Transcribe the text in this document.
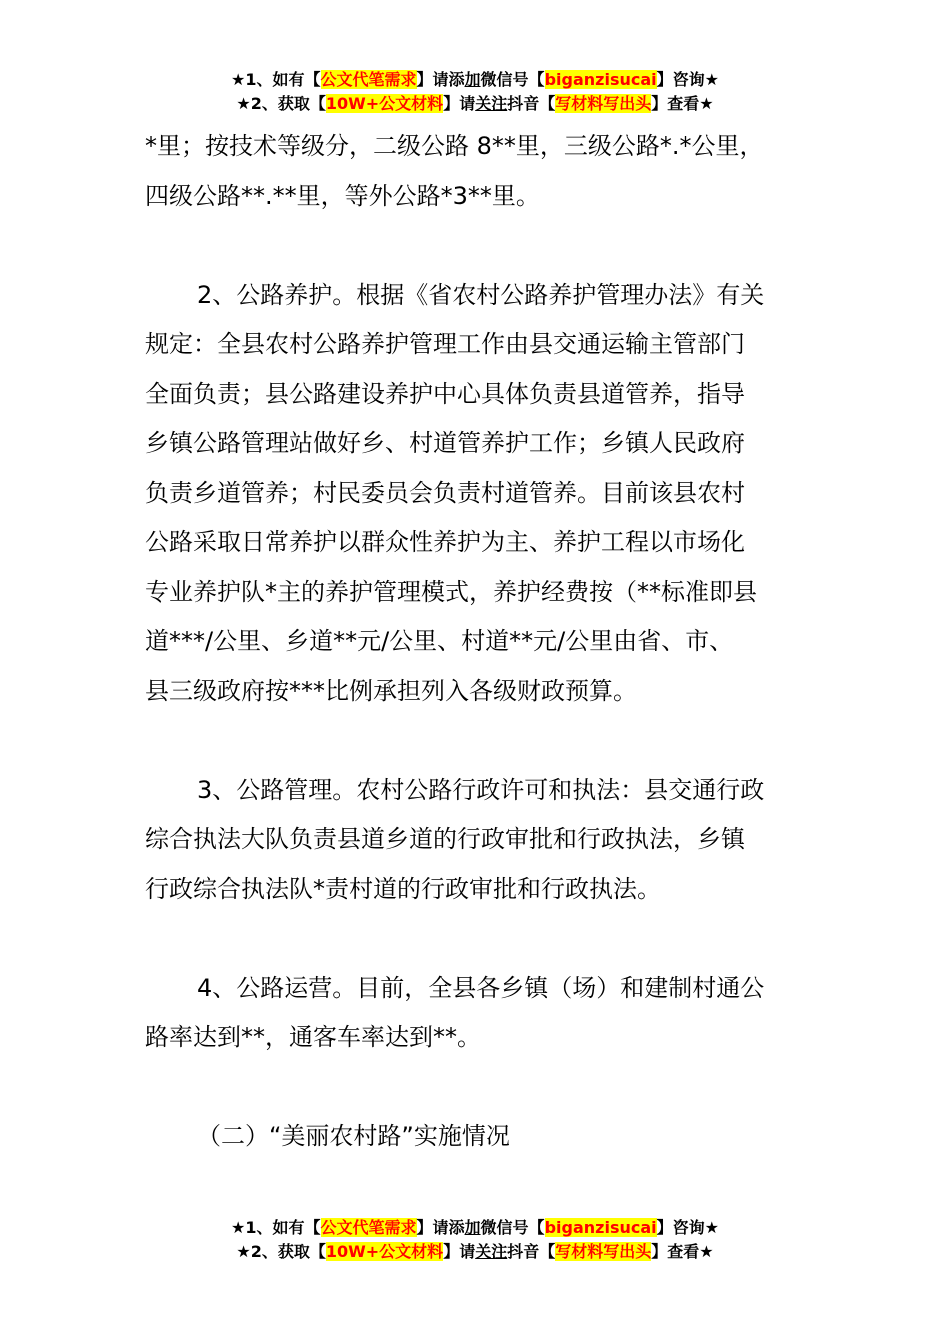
★1、如有【公文代笔需求】请添加微信号【biganzisucai】咨询★
★2、获取【10W+公文材料】请关注抖音【写材料写出头】查看★

*里；按技术等级分，二级公路 8**里，三级公路*.*公里，

四级公路**.**里，等外公路*3**里。

2、公路养护。根据《省农村公路养护管理办法》有关

规定：全县农村公路养护管理工作由县交通运输主管部门

全面负责；县公路建设养护中心具体负责县道管养，指导

乡镇公路管理站做好乡、村道管养护工作；乡镇人民政府

负责乡道管养；村民委员会负责村道管养。目前该县农村

公路采取日常养护以群众性养护为主、养护工程以市场化

专业养护队*主的养护管理模式，养护经费按（**标准即县

道***/公里、乡道**元/公里、村道**元/公里由省、市、

县三级政府按***比例承担列入各级财政预算。

3、公路管理。农村公路行政许可和执法：县交通行政

综合执法大队负责县道乡道的行政审批和行政执法，乡镇

行政综合执法队*责村道的行政审批和行政执法。

4、公路运营。目前，全县各乡镇（场）和建制村通公

路率达到**，通客车率达到**。

（二）“美丽农村路”实施情况

★1、如有【公文代笔需求】请添加微信号【biganzisucai】咨询★
★2、获取【10W+公文材料】请关注抖音【写材料写出头】查看★
